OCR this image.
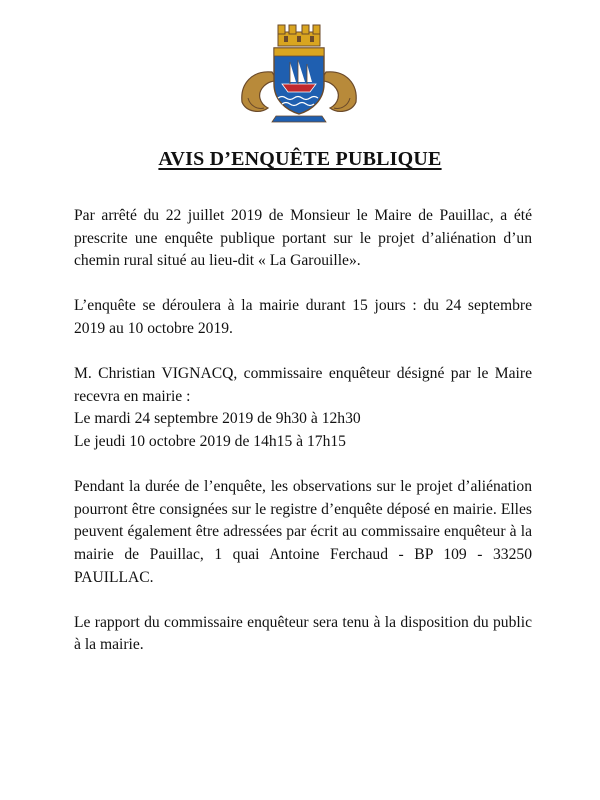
AVIS D’ENQUÊTE PUBLIQUE

Par arrêté du 22 juillet 2019 de Monsieur le Maire de Pauillac, a été prescrite une enquête publique portant sur le projet d’aliénation d’un chemin rural situé au lieu-dit « La Garouille».

L’enquête se déroulera à la mairie durant 15 jours : du 24 septembre 2019 au 10 octobre 2019.

M. Christian VIGNACQ, commissaire enquêteur désigné par le Maire recevra en mairie :
Le mardi 24 septembre 2019 de 9h30 à 12h30
Le jeudi 10 octobre 2019 de 14h15 à 17h15

Pendant la durée de l’enquête, les observations sur le projet d’aliénation pourront être consignées sur le registre d’enquête déposé en mairie. Elles peuvent également être adressées par écrit au commissaire enquêteur à la mairie de Pauillac, 1 quai Antoine Ferchaud - BP 109 - 33250 PAUILLAC.

Le rapport du commissaire enquêteur sera tenu à la disposition du public à la mairie.
